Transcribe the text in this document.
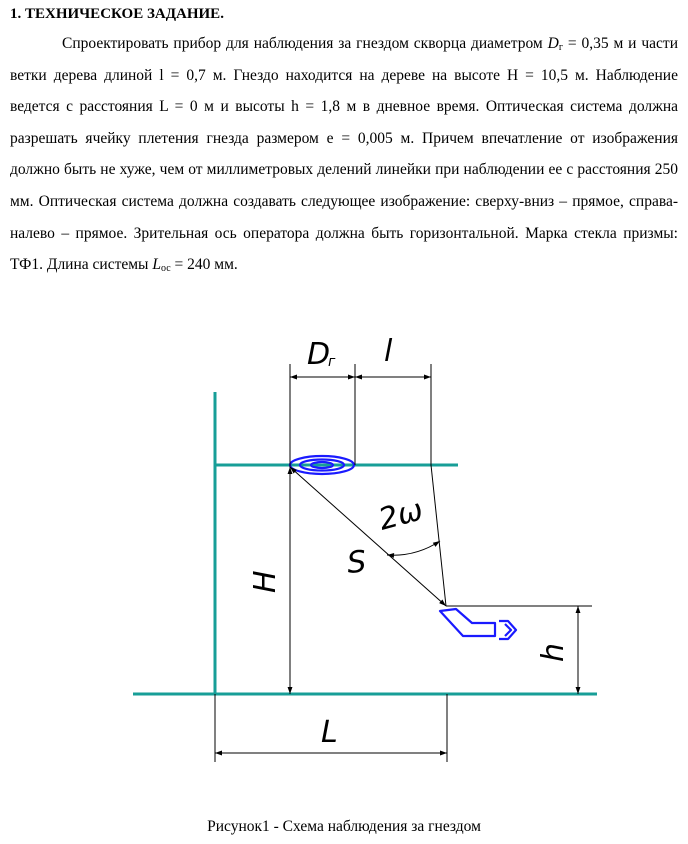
1. ТЕХНИЧЕСКОЕ ЗАДАНИЕ.

Спроектировать прибор для наблюдения за гнездом скворца диаметром $D_г = 0,35$ м и части ветки дерева длиной l = 0,7 м. Гнездо находится на дереве на высоте H = 10,5 м. Наблюдение ведется с расстояния L = 0 м и высоты h = 1,8 м в дневное время. Оптическая система должна разрешать ячейку плетения гнезда размером e = 0,005 м. Причем впечатление от изображения должно быть не хуже, чем от миллиметровых делений линейки при наблюдении ее с расстояния 250 мм. Оптическая система должна создавать следующее изображение: сверху-вниз – прямое, справа-налево – прямое. Зрительная ось оператора должна быть горизонтальной. Марка стекла призмы: ТФ1. Длина системы $L_{ос} = 240$ мм.

D
г l
2ω
S
H
h
L

Рисунок1 - Схема наблюдения за гнездом
